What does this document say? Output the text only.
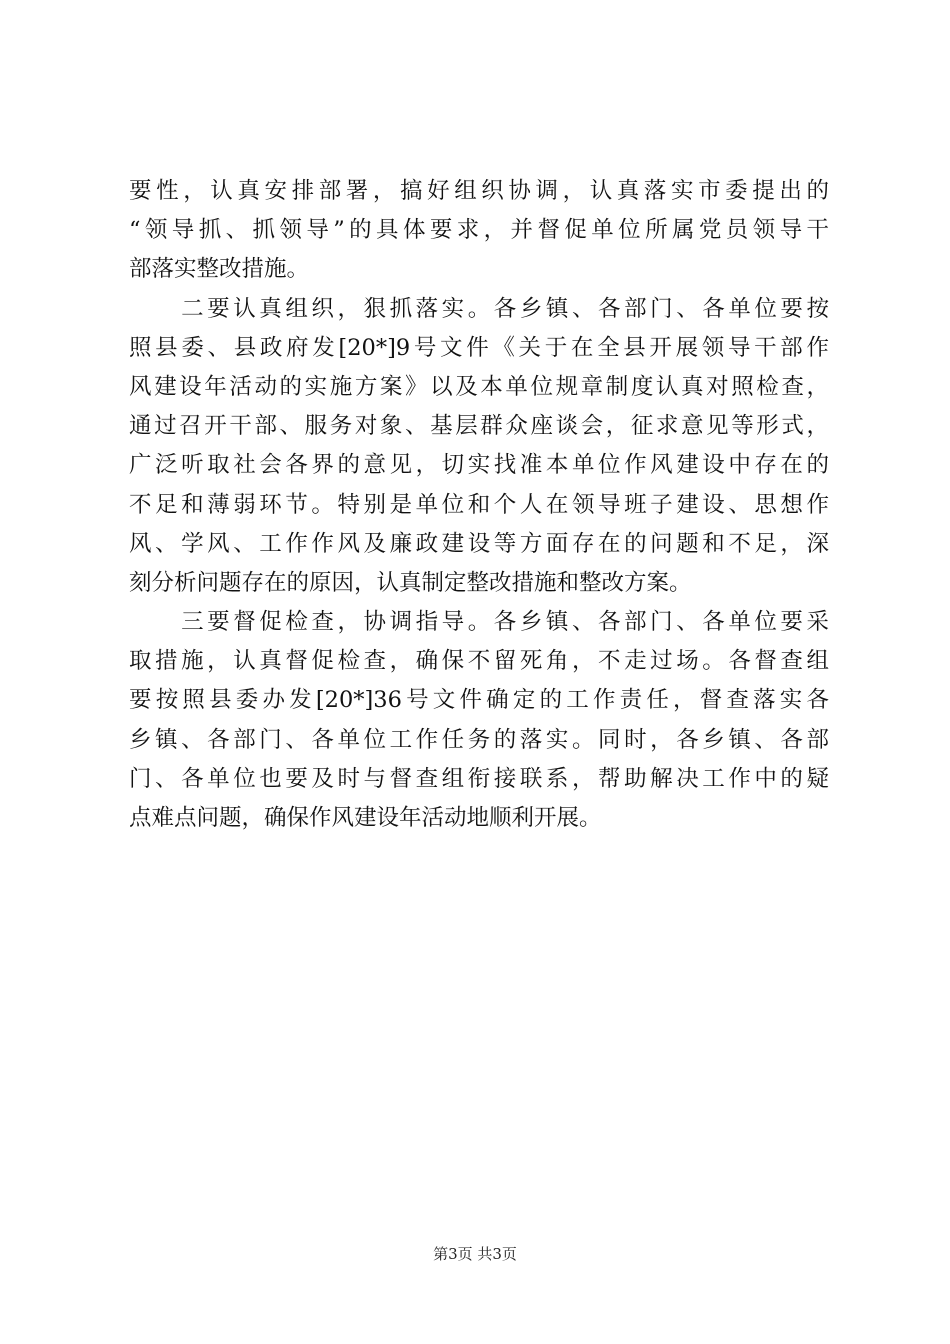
要性，认真安排部署，搞好组织协调，认真落实市委提出的
“领导抓、抓领导”的具体要求，并督促单位所属党员领导干
部落实整改措施。
　　二要认真组织，狠抓落实。各乡镇、各部门、各单位要按
照县委、县政府发[20*]9号文件《关于在全县开展领导干部作
风建设年活动的实施方案》以及本单位规章制度认真对照检查，
通过召开干部、服务对象、基层群众座谈会，征求意见等形式，
广泛听取社会各界的意见，切实找准本单位作风建设中存在的
不足和薄弱环节。特别是单位和个人在领导班子建设、思想作
风、学风、工作作风及廉政建设等方面存在的问题和不足，深
刻分析问题存在的原因，认真制定整改措施和整改方案。
　　三要督促检查，协调指导。各乡镇、各部门、各单位要采
取措施，认真督促检查，确保不留死角，不走过场。各督查组
要按照县委办发[20*]36号文件确定的工作责任，督查落实各
乡镇、各部门、各单位工作任务的落实。同时，各乡镇、各部
门、各单位也要及时与督查组衔接联系，帮助解决工作中的疑
点难点问题，确保作风建设年活动地顺利开展。
第3页 共3页
